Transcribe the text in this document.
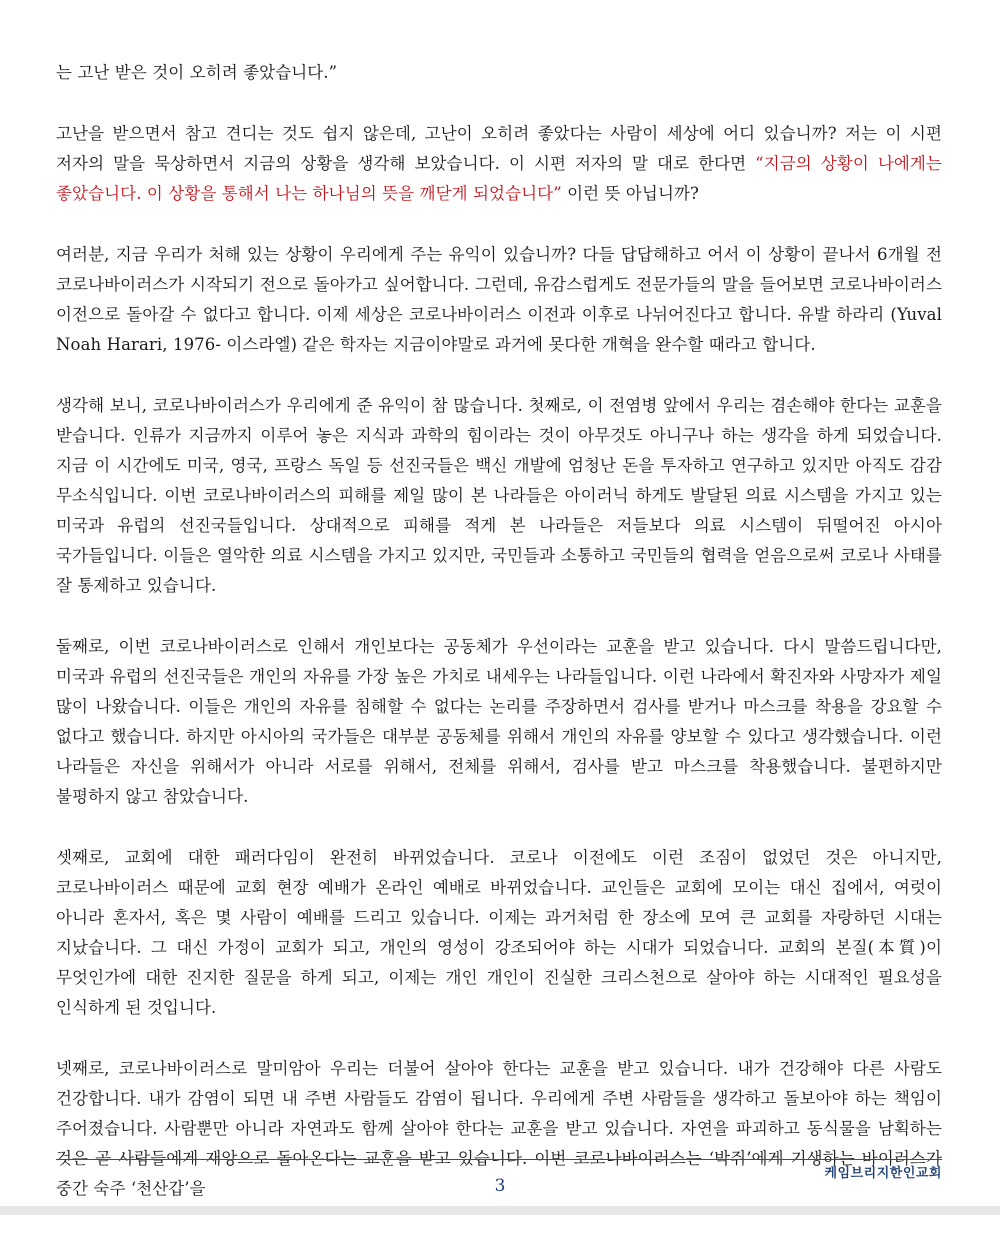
는 고난 받은 것이 오히려 좋았습니다.”

고난을 받으면서 참고 견디는 것도 쉽지 않은데, 고난이 오히려 좋았다는 사람이 세상에 어디 있습니까? 저는 이 시편 저자의 말을 묵상하면서 지금의 상황을 생각해 보았습니다. 이 시편 저자의 말 대로 한다면 “지금의 상황이 나에게는 좋았습니다. 이 상황을 통해서 나는 하나님의 뜻을 깨닫게 되었습니다” 이런 뜻 아닙니까?

여러분, 지금 우리가 처해 있는 상황이 우리에게 주는 유익이 있습니까? 다들 답답해하고 어서 이 상황이 끝나서 6개월 전 코로나바이러스가 시작되기 전으로 돌아가고 싶어합니다. 그런데, 유감스럽게도 전문가들의 말을 들어보면 코로나바이러스 이전으로 돌아갈 수 없다고 합니다. 이제 세상은 코로나바이러스 이전과 이후로 나뉘어진다고 합니다. 유발 하라리 (Yuval Noah Harari, 1976- 이스라엘) 같은 학자는 지금이야말로 과거에 못다한 개혁을 완수할 때라고 합니다.

생각해 보니, 코로나바이러스가 우리에게 준 유익이 참 많습니다. 첫째로, 이 전염병 앞에서 우리는 겸손해야 한다는 교훈을 받습니다. 인류가 지금까지 이루어 놓은 지식과 과학의 힘이라는 것이 아무것도 아니구나 하는 생각을 하게 되었습니다. 지금 이 시간에도 미국, 영국, 프랑스 독일 등 선진국들은 백신 개발에 엄청난 돈을 투자하고 연구하고 있지만 아직도 감감 무소식입니다. 이번 코로나바이러스의 피해를 제일 많이 본 나라들은 아이러닉 하게도 발달된 의료 시스템을 가지고 있는 미국과 유럽의 선진국들입니다. 상대적으로 피해를 적게 본 나라들은 저들보다 의료 시스템이 뒤떨어진 아시아 국가들입니다. 이들은 열악한 의료 시스템을 가지고 있지만, 국민들과 소통하고 국민들의 협력을 얻음으로써 코로나 사태를 잘 통제하고 있습니다.

둘째로, 이번 코로나바이러스로 인해서 개인보다는 공동체가 우선이라는 교훈을 받고 있습니다. 다시 말씀드립니다만, 미국과 유럽의 선진국들은 개인의 자유를 가장 높은 가치로 내세우는 나라들입니다. 이런 나라에서 확진자와 사망자가 제일 많이 나왔습니다. 이들은 개인의 자유를 침해할 수 없다는 논리를 주장하면서 검사를 받거나 마스크를 착용을 강요할 수 없다고 했습니다. 하지만 아시아의 국가들은 대부분 공동체를 위해서 개인의 자유를 양보할 수 있다고 생각했습니다. 이런 나라들은 자신을 위해서가 아니라 서로를 위해서, 전체를 위해서, 검사를 받고 마스크를 착용했습니다. 불편하지만 불평하지 않고 참았습니다.

셋째로, 교회에 대한 패러다임이 완전히 바뀌었습니다. 코로나 이전에도 이런 조짐이 없었던 것은 아니지만, 코로나바이러스 때문에 교회 현장 예배가 온라인 예배로 바뀌었습니다. 교인들은 교회에 모이는 대신 집에서, 여럿이 아니라 혼자서, 혹은 몇 사람이 예배를 드리고 있습니다. 이제는 과거처럼 한 장소에 모여 큰 교회를 자랑하던 시대는 지났습니다. 그 대신 가정이 교회가 되고, 개인의 영성이 강조되어야 하는 시대가 되었습니다. 교회의 본질(本質)이 무엇인가에 대한 진지한 질문을 하게 되고, 이제는 개인 개인이 진실한 크리스천으로 살아야 하는 시대적인 필요성을 인식하게 된 것입니다.

넷째로, 코로나바이러스로 말미암아 우리는 더불어 살아야 한다는 교훈을 받고 있습니다. 내가 건강해야 다른 사람도 건강합니다. 내가 감염이 되면 내 주변 사람들도 감염이 됩니다. 우리에게 주변 사람들을 생각하고 돌보아야 하는 책임이 주어졌습니다. 사람뿐만 아니라 자연과도 함께 살아야 한다는 교훈을 받고 있습니다. 자연을 파괴하고 동식물을 남획하는 것은 곧 사람들에게 재앙으로 돌아온다는 교훈을 받고 있습니다. 이번 코로나바이러스는 ‘박쥐’에게 기생하는 바이러스가 중간 숙주 ‘천산갑’을

케임브리지한인교회
3
